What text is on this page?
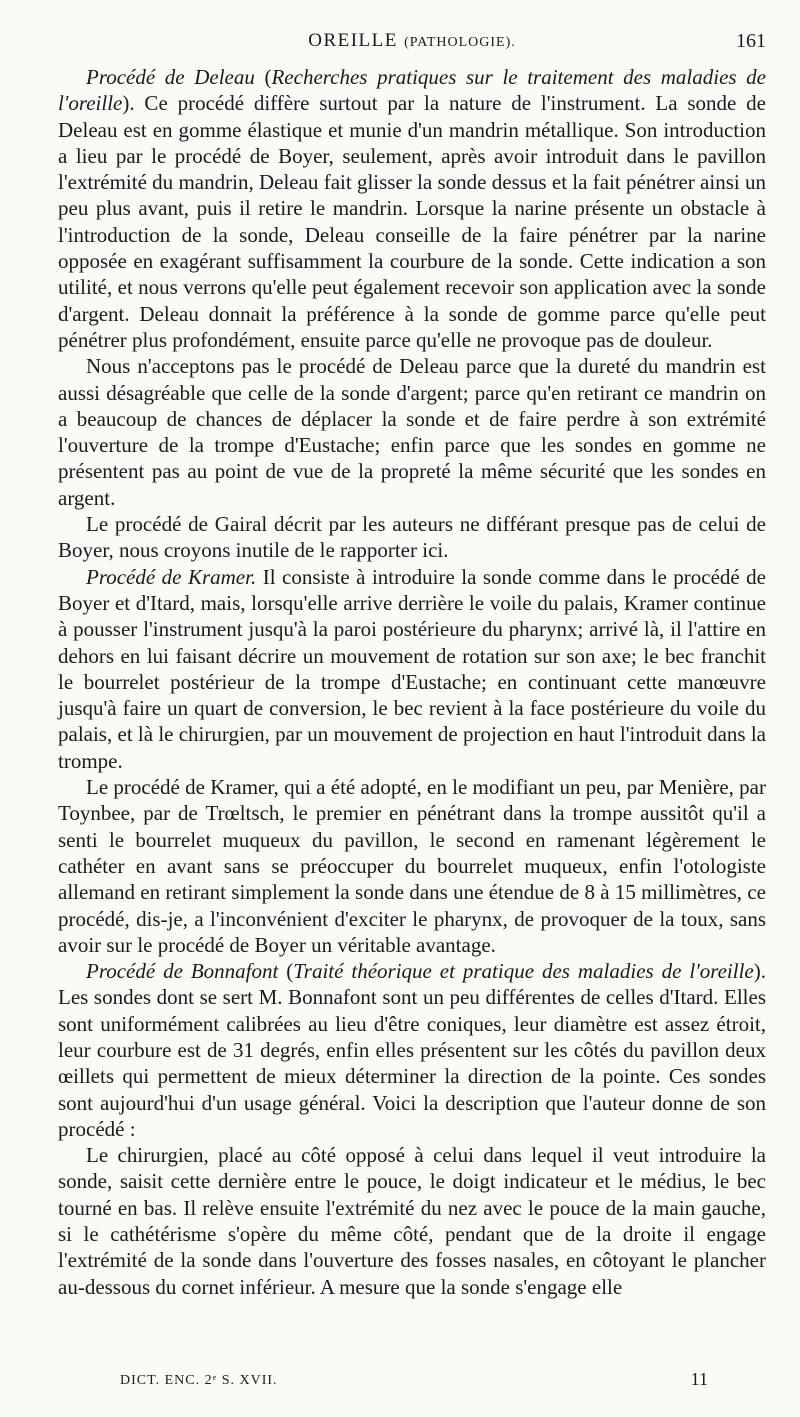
OREILLE (PATHOLOGIE).	161

Procédé de Deleau (Recherches pratiques sur le traitement des maladies de l'oreille). Ce procédé diffère surtout par la nature de l'instrument. La sonde de Deleau est en gomme élastique et munie d'un mandrin métallique. Son introduction a lieu par le procédé de Boyer, seulement, après avoir introduit dans le pavillon l'extrémité du mandrin, Deleau fait glisser la sonde dessus et la fait pénétrer ainsi un peu plus avant, puis il retire le mandrin. Lorsque la narine présente un obstacle à l'introduction de la sonde, Deleau conseille de la faire pénétrer par la narine opposée en exagérant suffisamment la courbure de la sonde. Cette indication a son utilité, et nous verrons qu'elle peut également recevoir son application avec la sonde d'argent. Deleau donnait la préférence à la sonde de gomme parce qu'elle peut pénétrer plus profondément, ensuite parce qu'elle ne provoque pas de douleur.

Nous n'acceptons pas le procédé de Deleau parce que la dureté du mandrin est aussi désagréable que celle de la sonde d'argent; parce qu'en retirant ce mandrin on a beaucoup de chances de déplacer la sonde et de faire perdre à son extrémité l'ouverture de la trompe d'Eustache; enfin parce que les sondes en gomme ne présentent pas au point de vue de la propreté la même sécurité que les sondes en argent.

Le procédé de Gairal décrit par les auteurs ne différant presque pas de celui de Boyer, nous croyons inutile de le rapporter ici.

Procédé de Kramer. Il consiste à introduire la sonde comme dans le procédé de Boyer et d'Itard, mais, lorsqu'elle arrive derrière le voile du palais, Kramer continue à pousser l'instrument jusqu'à la paroi postérieure du pharynx; arrivé là, il l'attire en dehors en lui faisant décrire un mouvement de rotation sur son axe; le bec franchit le bourrelet postérieur de la trompe d'Eustache; en continuant cette manœuvre jusqu'à faire un quart de conversion, le bec revient à la face postérieure du voile du palais, et là le chirurgien, par un mouvement de projection en haut l'introduit dans la trompe.

Le procédé de Kramer, qui a été adopté, en le modifiant un peu, par Menière, par Toynbee, par de Trœltsch, le premier en pénétrant dans la trompe aussitôt qu'il a senti le bourrelet muqueux du pavillon, le second en ramenant légèrement le cathéter en avant sans se préoccuper du bourrelet muqueux, enfin l'otologiste allemand en retirant simplement la sonde dans une étendue de 8 à 15 millimètres, ce procédé, dis-je, a l'inconvénient d'exciter le pharynx, de provoquer de la toux, sans avoir sur le procédé de Boyer un véritable avantage.

Procédé de Bonnafont (Traité théorique et pratique des maladies de l'oreille). Les sondes dont se sert M. Bonnafont sont un peu différentes de celles d'Itard. Elles sont uniformément calibrées au lieu d'être coniques, leur diamètre est assez étroit, leur courbure est de 31 degrés, enfin elles présentent sur les côtés du pavillon deux œillets qui permettent de mieux déterminer la direction de la pointe. Ces sondes sont aujourd'hui d'un usage général. Voici la description que l'auteur donne de son procédé :

Le chirurgien, placé au côté opposé à celui dans lequel il veut introduire la sonde, saisit cette dernière entre le pouce, le doigt indicateur et le médius, le bec tourné en bas. Il relève ensuite l'extrémité du nez avec le pouce de la main gauche, si le cathétérisme s'opère du même côté, pendant que de la droite il engage l'extrémité de la sonde dans l'ouverture des fosses nasales, en côtoyant le plancher au-dessous du cornet inférieur. A mesure que la sonde s'engage elle

DICT. ENC. 2ᵉ S. XVII.	11
